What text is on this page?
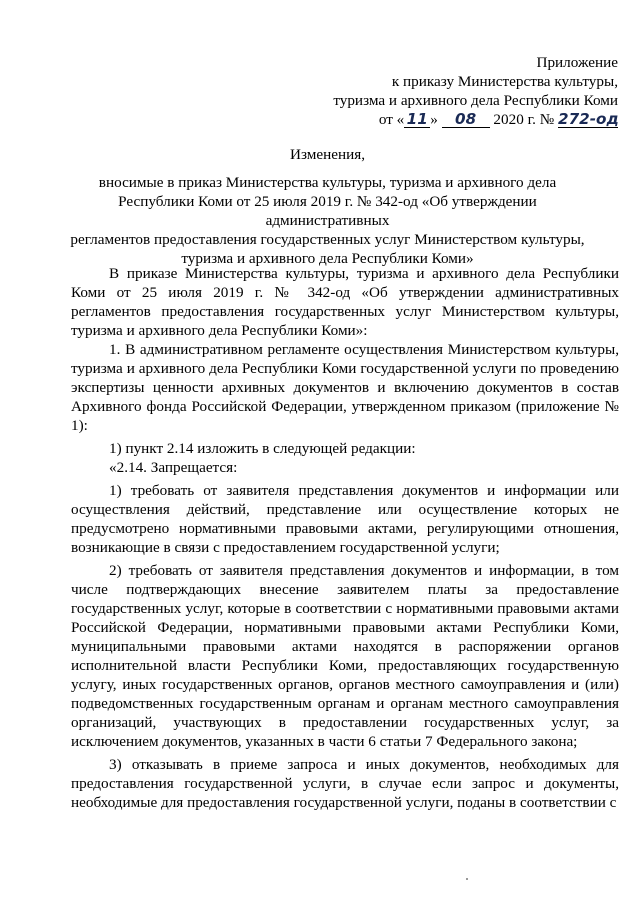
Приложение
к приказу Министерства культуры,
туризма и архивного дела Республики Коми
от « 11 » 08 2020 г. № 272-од
Изменения,
вносимые в приказ Министерства культуры, туризма и архивного дела
Республики Коми от 25 июля 2019 г. № 342-од «Об утверждении административных
регламентов предоставления государственных услуг Министерством культуры,
туризма и архивного дела Республики Коми»

В приказе Министерства культуры, туризма и архивного дела Республики Коми от 25 июля 2019 г. № 342-од «Об утверждении административных регламентов предоставления государственных услуг Министерством культуры, туризма и архивного дела Республики Коми»:

1. В административном регламенте осуществления Министерством культуры, туризма и архивного дела Республики Коми государственной услуги по проведению экспертизы ценности архивных документов и включению документов в состав Архивного фонда Российской Федерации, утвержденном приказом (приложение № 1):

1) пункт 2.14 изложить в следующей редакции:

«2.14. Запрещается:

1) требовать от заявителя представления документов и информации или осуществления действий, представление или осуществление которых не предусмотрено нормативными правовыми актами, регулирующими отношения, возникающие в связи с предоставлением государственной услуги;

2) требовать от заявителя представления документов и информации, в том числе подтверждающих внесение заявителем платы за предоставление государственных услуг, которые в соответствии с нормативными правовыми актами Российской Федерации, нормативными правовыми актами Республики Коми, муниципальными правовыми актами находятся в распоряжении органов исполнительной власти Республики Коми, предоставляющих государственную услугу, иных государственных органов, органов местного самоуправления и (или) подведомственных государственным органам и органам местного самоуправления организаций, участвующих в предоставлении государственных услуг, за исключением документов, указанных в части 6 статьи 7 Федерального закона;

3) отказывать в приеме запроса и иных документов, необходимых для предоставления государственной услуги, в случае если запрос и документы, необходимые для предоставления государственной услуги, поданы в соответствии с
